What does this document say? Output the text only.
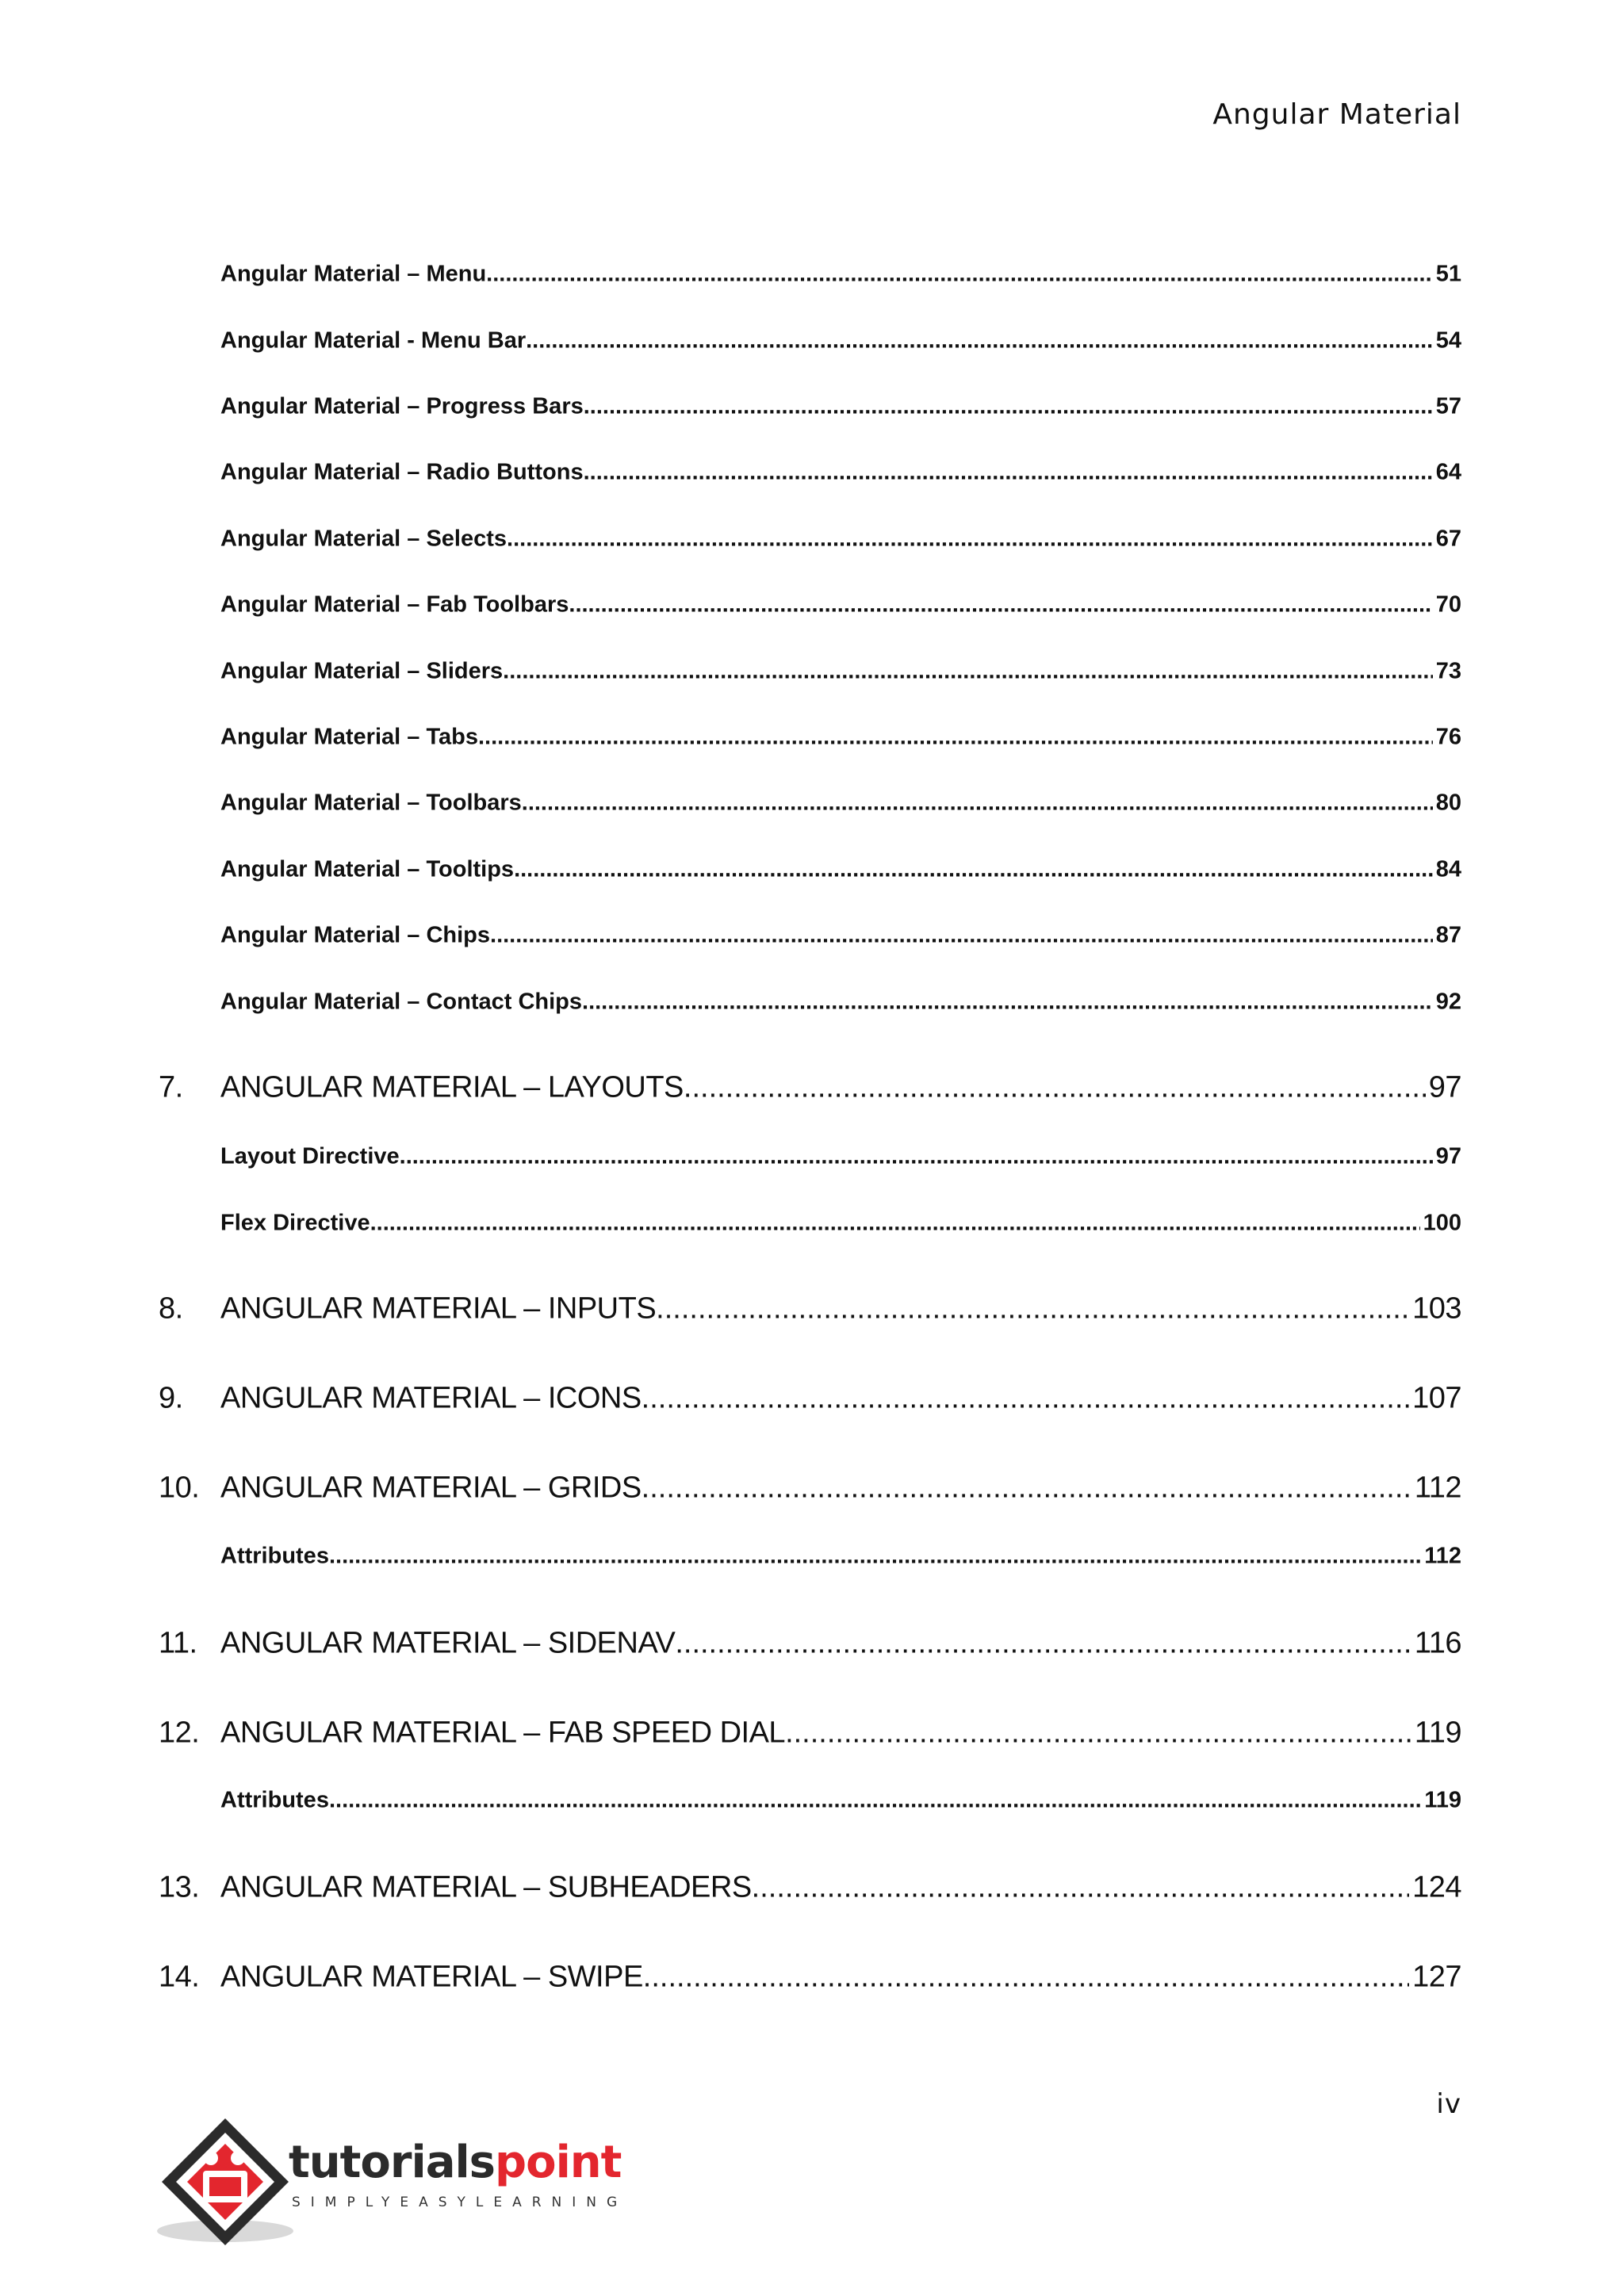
Angular Material
Angular Material – Menu .....	51
Angular Material - Menu Bar .....	54
Angular Material – Progress Bars .....	57
Angular Material – Radio Buttons .....	64
Angular Material – Selects .....	67
Angular Material – Fab Toolbars .....	70
Angular Material – Sliders .....	73
Angular Material – Tabs .....	76
Angular Material – Toolbars .....	80
Angular Material – Tooltips .....	84
Angular Material – Chips .....	87
Angular Material – Contact Chips .....	92
7.	ANGULAR MATERIAL – LAYOUTS .....	97
Layout Directive .....	97
Flex Directive .....	100
8.	ANGULAR MATERIAL – INPUTS .....	103
9.	ANGULAR MATERIAL – ICONS .....	107
10. ANGULAR MATERIAL – GRIDS .....	112
Attributes .....	112
11. ANGULAR MATERIAL – SIDENAV .....	116
12. ANGULAR MATERIAL – FAB SPEED DIAL .....	119
Attributes .....	119
13. ANGULAR MATERIAL – SUBHEADERS .....	124
14. ANGULAR MATERIAL – SWIPE .....	127
iv
tutorialspoint
SIMPLYEASYLEARNING
